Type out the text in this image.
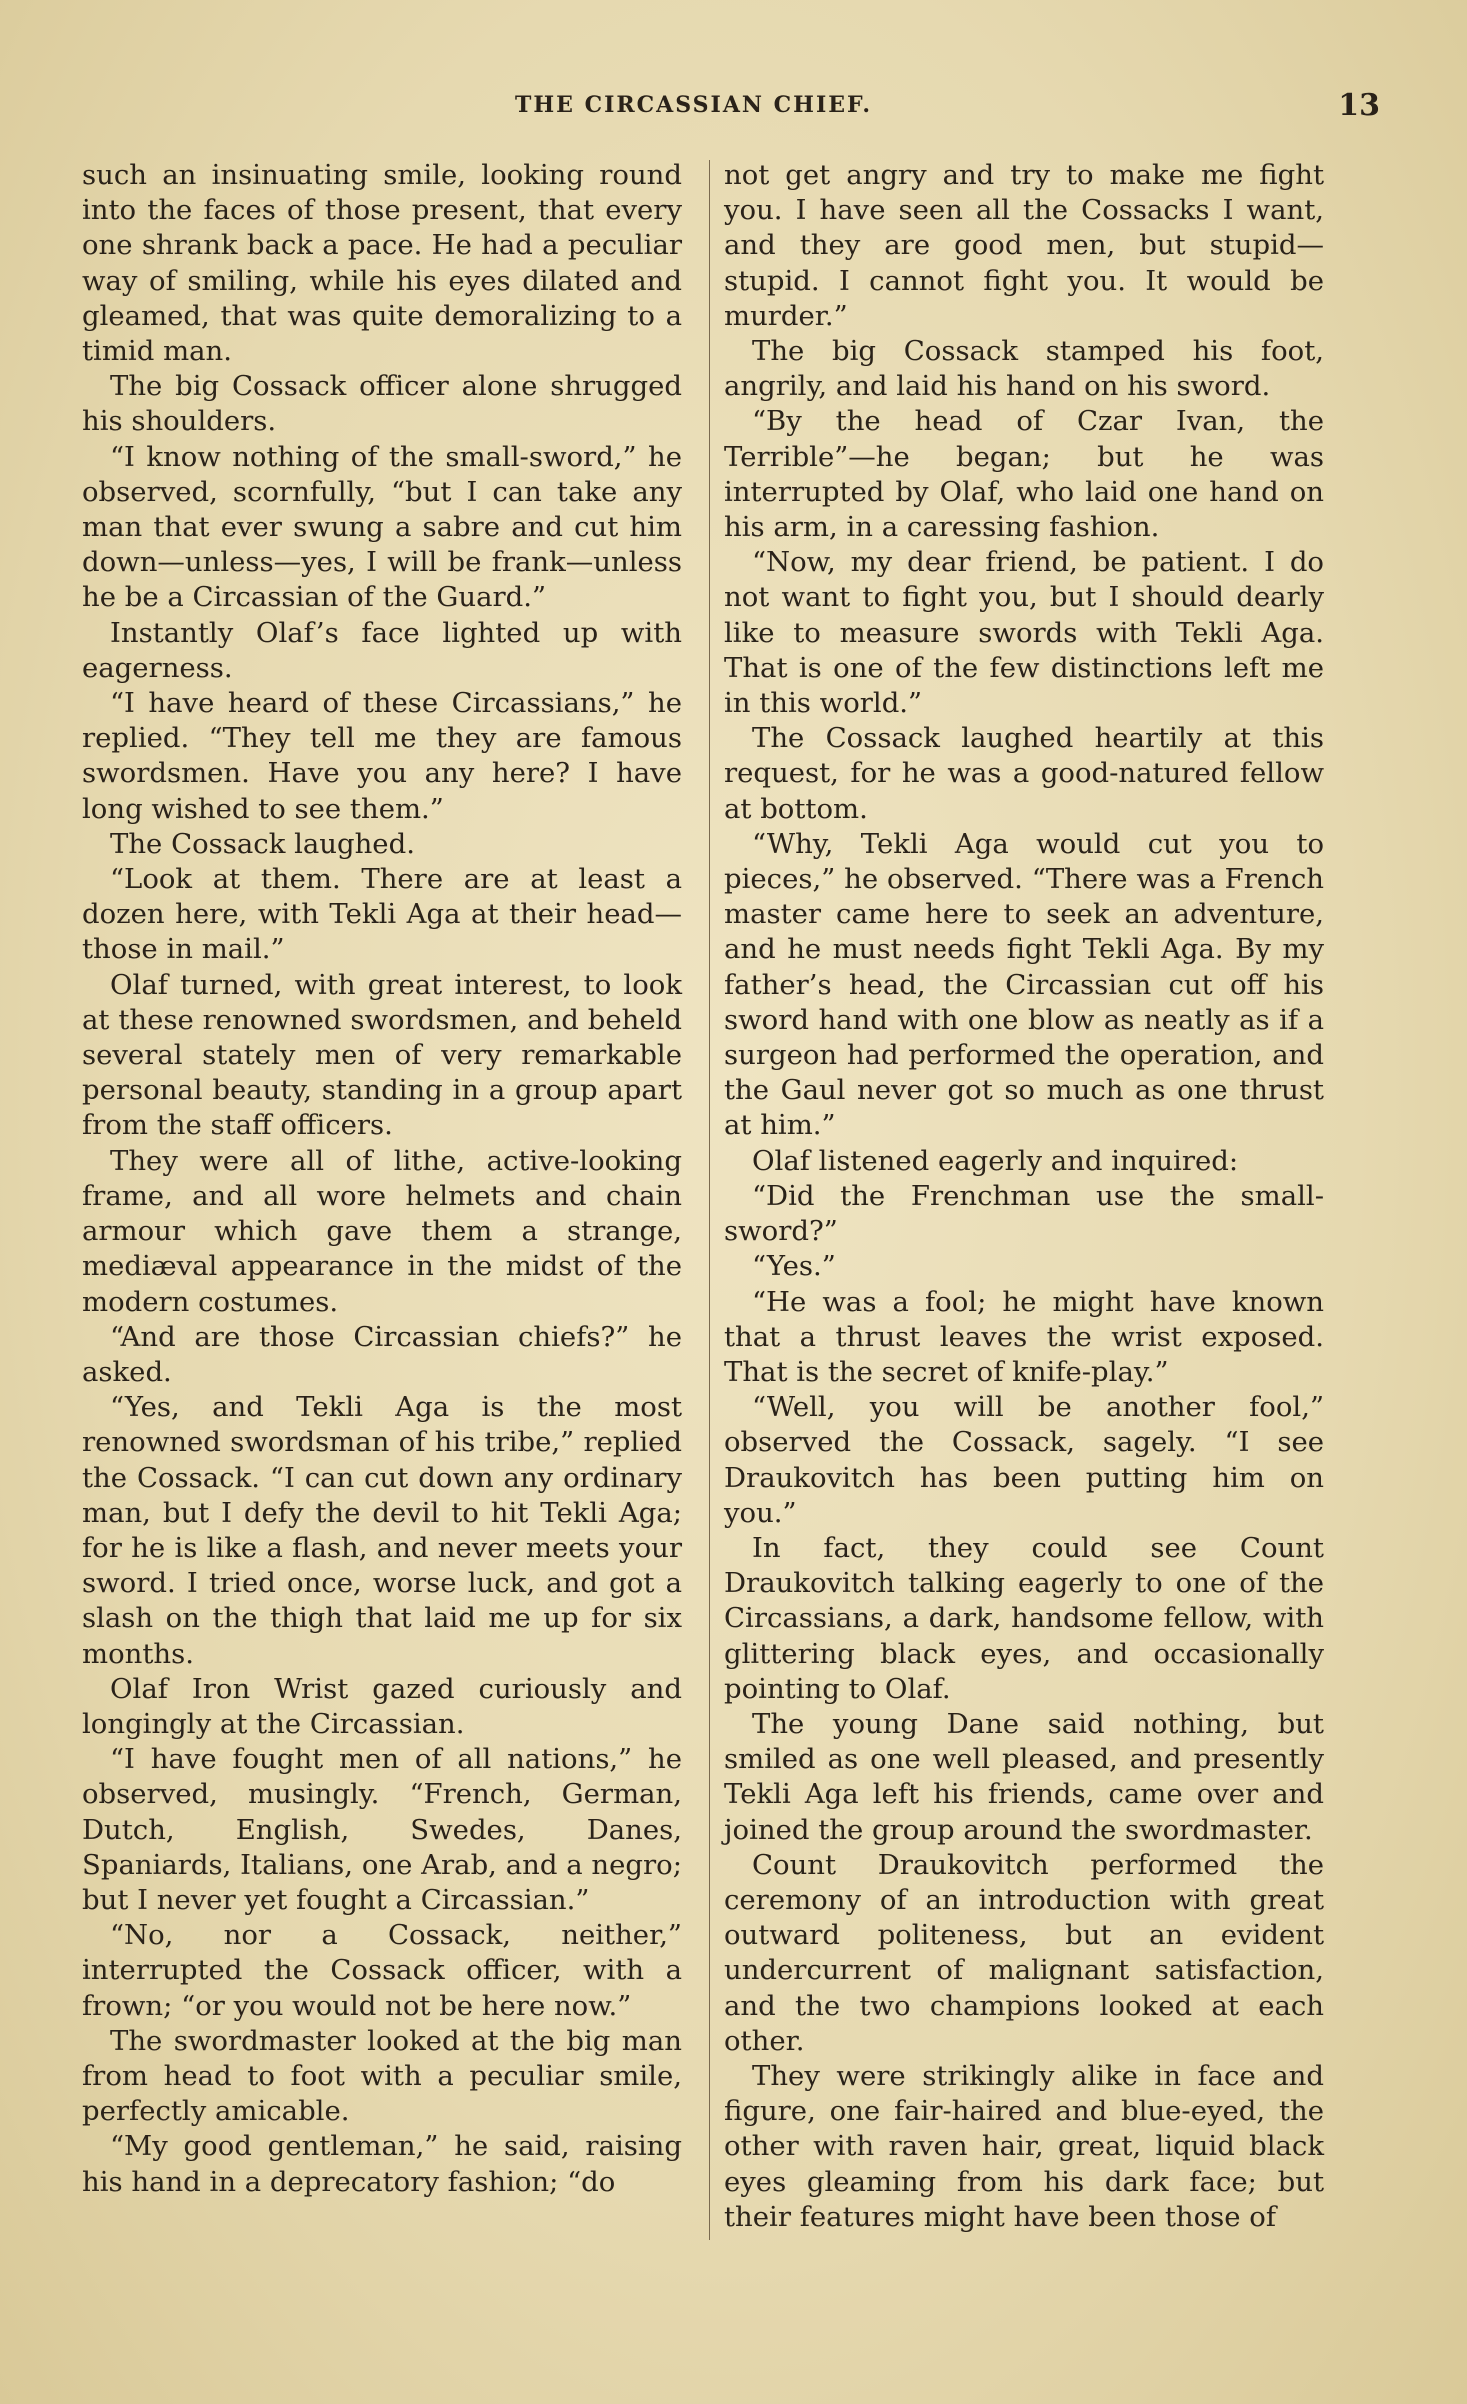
THE CIRCASSIAN CHIEF.	13

such an insinuating smile, looking round into the faces of those present, that every one shrank back a pace. He had a peculiar way of smiling, while his eyes dilated and gleamed, that was quite demoralizing to a timid man.

The big Cossack officer alone shrugged his shoulders.

“I know nothing of the small-sword,” he observed, scornfully, “but I can take any man that ever swung a sabre and cut him down—unless—yes, I will be frank—unless he be a Circassian of the Guard.”

Instantly Olaf’s face lighted up with eagerness.

“I have heard of these Circassians,” he replied. “They tell me they are famous swordsmen. Have you any here? I have long wished to see them.”

The Cossack laughed.

“Look at them. There are at least a dozen here, with Tekli Aga at their head—those in mail.”

Olaf turned, with great interest, to look at these renowned swordsmen, and beheld several stately men of very remarkable personal beauty, standing in a group apart from the staff officers.

They were all of lithe, active-looking frame, and all wore helmets and chain armour which gave them a strange, mediæval appearance in the midst of the modern costumes.

“And are those Circassian chiefs?” he asked.

“Yes, and Tekli Aga is the most renowned swordsman of his tribe,” replied the Cossack. “I can cut down any ordinary man, but I defy the devil to hit Tekli Aga; for he is like a flash, and never meets your sword. I tried once, worse luck, and got a slash on the thigh that laid me up for six months.

Olaf Iron Wrist gazed curiously and longingly at the Circassian.

“I have fought men of all nations,” he observed, musingly. “French, German, Dutch, English, Swedes, Danes, Spaniards, Italians, one Arab, and a negro; but I never yet fought a Circassian.”

“No, nor a Cossack, neither,” interrupted the Cossack officer, with a frown; “or you would not be here now.”

The swordmaster looked at the big man from head to foot with a peculiar smile, perfectly amicable.

“My good gentleman,” he said, raising his hand in a deprecatory fashion; “do

not get angry and try to make me fight you. I have seen all the Cossacks I want, and they are good men, but stupid—stupid. I cannot fight you. It would be murder.”

The big Cossack stamped his foot, angrily, and laid his hand on his sword.

“By the head of Czar Ivan, the Terrible”—he began; but he was interrupted by Olaf, who laid one hand on his arm, in a caressing fashion.

“Now, my dear friend, be patient. I do not want to fight you, but I should dearly like to measure swords with Tekli Aga. That is one of the few distinctions left me in this world.”

The Cossack laughed heartily at this request, for he was a good-natured fellow at bottom.

“Why, Tekli Aga would cut you to pieces,” he observed. “There was a French master came here to seek an adventure, and he must needs fight Tekli Aga. By my father’s head, the Circassian cut off his sword hand with one blow as neatly as if a surgeon had performed the operation, and the Gaul never got so much as one thrust at him.”

Olaf listened eagerly and inquired:

“Did the Frenchman use the small-sword?”

“Yes.”

“He was a fool; he might have known that a thrust leaves the wrist exposed. That is the secret of knife-play.”

“Well, you will be another fool,” observed the Cossack, sagely. “I see Draukovitch has been putting him on you.”

In fact, they could see Count Draukovitch talking eagerly to one of the Circassians, a dark, handsome fellow, with glittering black eyes, and occasionally pointing to Olaf.

The young Dane said nothing, but smiled as one well pleased, and presently Tekli Aga left his friends, came over and joined the group around the swordmaster.

Count Draukovitch performed the ceremony of an introduction with great outward politeness, but an evident undercurrent of malignant satisfaction, and the two champions looked at each other.

They were strikingly alike in face and figure, one fair-haired and blue-eyed, the other with raven hair, great, liquid black eyes gleaming from his dark face; but their features might have been those of
